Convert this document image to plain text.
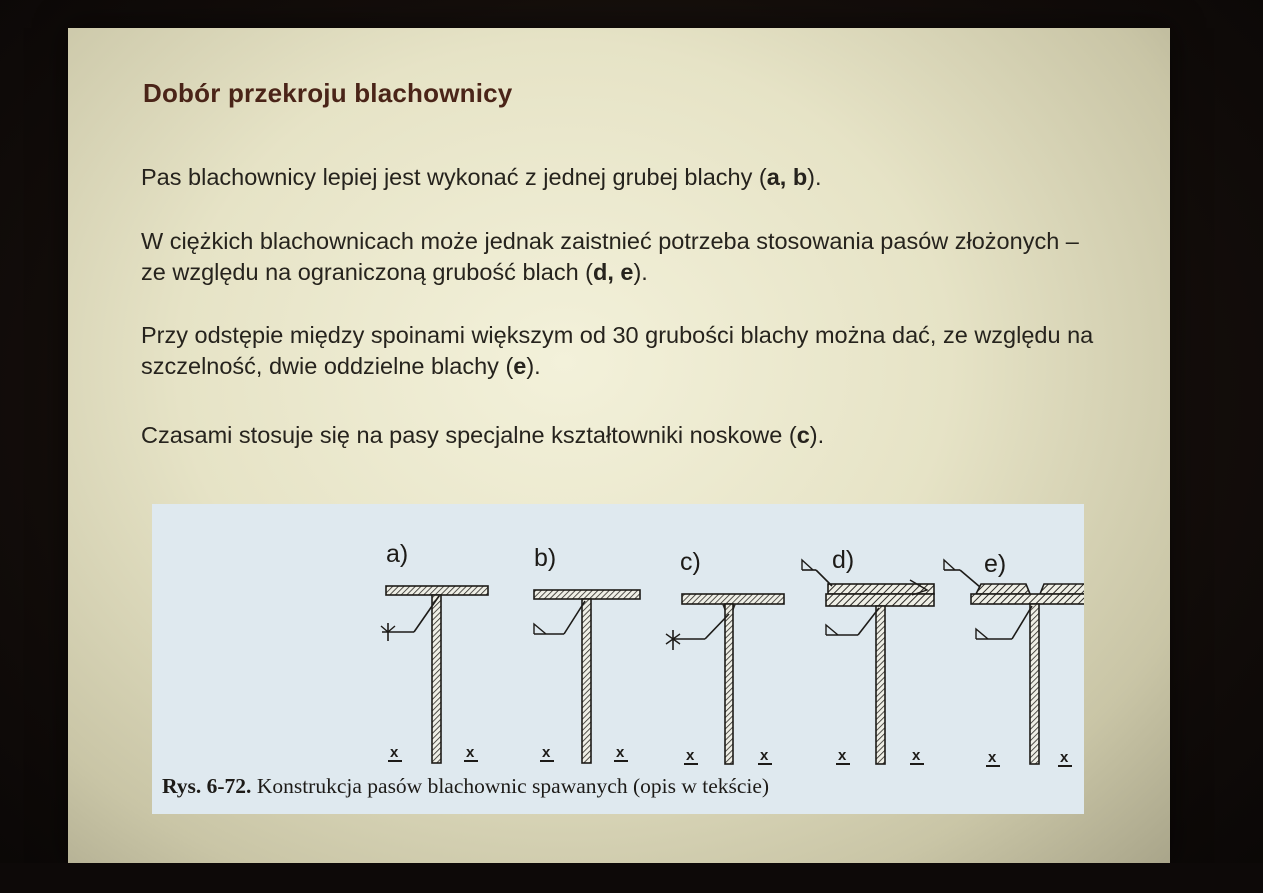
Dobór przekroju blachownicy
Pas blachownicy lepiej jest wykonać z jednej grubej blachy (a, b).
W ciężkich blachownicach może jednak zaistnieć potrzeba stosowania pasów złożonych – ze względu na ograniczoną grubość blach (d, e).
Przy odstępie między spoinami większym od 30 grubości blachy można dać, ze względu na szczelność, dwie oddzielne blachy (e).
Czasami stosuje się na pasy specjalne kształtowniki noskowe (c).
a)	b)	c)	d)	e)
x	x	x	x	x	x	x	x	x	x
Rys. 6-72. Konstrukcja pasów blachownic spawanych (opis w tekście)
